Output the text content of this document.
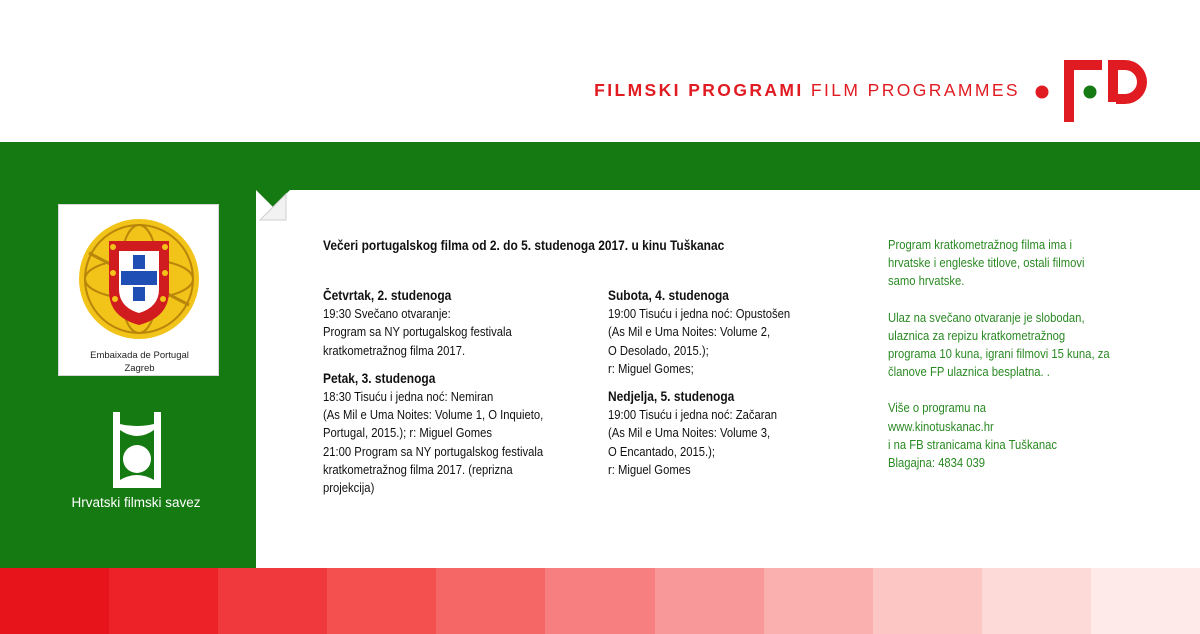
FILMSKI PROGRAMI FILM PROGRAMMES
Embaixada de Portugal
Zagreb
Hrvatski filmski savez
Večeri portugalskog filma od 2. do 5. studenoga 2017. u kinu Tuškanac
Četvrtak, 2. studenoga
19:30 Svečano otvaranje:
Program sa NY portugalskog festivala
kratkometražnog filma 2017.
Petak, 3. studenoga
18:30 Tisuću i jedna noć: Nemiran
(As Mil e Uma Noites: Volume 1, O Inquieto,
Portugal, 2015.); r: Miguel Gomes
21:00 Program sa NY portugalskog festivala
kratkometražnog filma 2017. (reprizna
projekcija)
Subota, 4. studenoga
19:00 Tisuću i jedna noć: Opustošen
(As Mil e Uma Noites: Volume 2,
O Desolado, 2015.);
r: Miguel Gomes;
Nedjelja, 5. studenoga
19:00 Tisuću i jedna noć: Začaran
(As Mil e Uma Noites: Volume 3,
O Encantado, 2015.);
r: Miguel Gomes
Program kratkometražnog filma ima i
hrvatske i engleske titlove, ostali filmovi
samo hrvatske.
Ulaz na svečano otvaranje je slobodan,
ulaznica za repizu kratkometražnog
programa 10 kuna, igrani filmovi 15 kuna, za
članove FP ulaznica besplatna. .
Više o programu na
www.kinotuskanac.hr
i na FB stranicama kina Tuškanac
Blagajna: 4834 039
